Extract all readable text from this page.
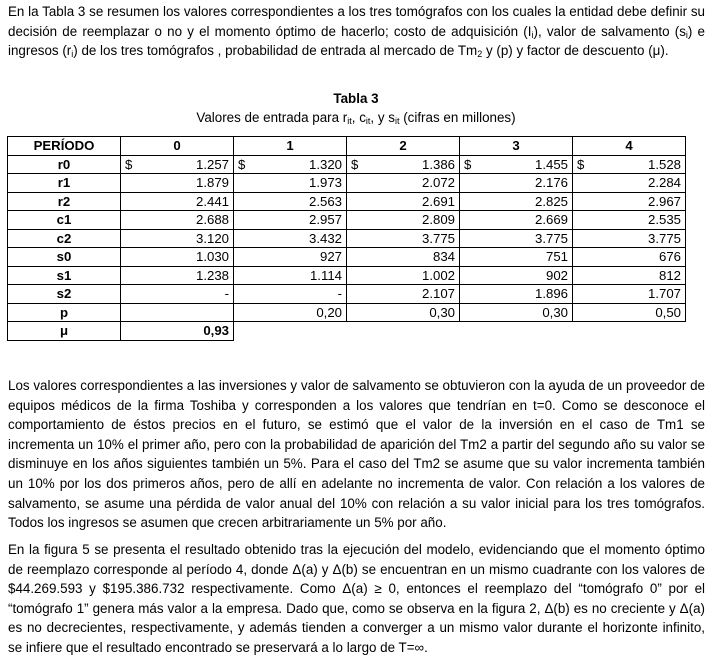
En la Tabla 3 se resumen los valores correspondientes a los tres tomógrafos con los cuales la entidad debe definir su decisión de reemplazar o no y el momento óptimo de hacerlo; costo de adquisición $(I_i)$, valor de salvamento $(s_i)$ e ingresos $(r_i)$ de los tres tomógrafos , probabilidad de entrada al mercado de $Tm_2$ y (p) y factor de descuento (μ).

Tabla 3
Valores de entrada para $r_{it}$, $c_{it}$, y $s_{it}$ (cifras en millones)
PERÍODO	0	1	2	3	4
r0	$ 1.257	$ 1.320	$ 1.386	$ 1.455	$ 1.528

r1	1.879	1.973	2.072	2.176	2.284
r2	2.441	2.563	2.691	2.825	2.967
c1	2.688	2.957	2.809	2.669	2.535
c2	3.120	3.432	3.775	3.775	3.775
s0	1.030	927	834	751	676
s1	1.238	1.114	1.002	902	812
s2	-	-	2.107	1.896	1.707
p		0,20	0,30	0,30	0,50
μ	0,93				

Los valores correspondientes a las inversiones y valor de salvamento se obtuvieron con la ayuda de un proveedor de equipos médicos de la firma Toshiba y corresponden a los valores que tendrían en t=0. Como se desconoce el comportamiento de éstos precios en el futuro, se estimó que el valor de la inversión en el caso de Tm1 se incrementa un 10% el primer año, pero con la probabilidad de aparición del Tm2 a partir del segundo año su valor se disminuye en los años siguientes también un 5%. Para el caso del Tm2 se asume que su valor incrementa también un 10% por los dos primeros años, pero de allí en adelante no incrementa de valor. Con relación a los valores de salvamento, se asume una pérdida de valor anual del 10% con relación a su valor inicial para los tres tomógrafos. Todos los ingresos se asumen que crecen arbitrariamente un 5% por año.

En la figura 5 se presenta el resultado obtenido tras la ejecución del modelo, evidenciando que el momento óptimo de reemplazo corresponde al período 4, donde Δ(a) y Δ(b) se encuentran en un mismo cuadrante con los valores de $44.269.593 y $195.386.732 respectivamente. Como Δ(a) ≥ 0, entonces el reemplazo del “tomógrafo 0” por el “tomógrafo 1” genera más valor a la empresa. Dado que, como se observa en la figura 2, Δ(b) es no creciente y Δ(a) es no decrecientes, respectivamente, y además tienden a converger a un mismo valor durante el horizonte infinito, se infiere que el resultado encontrado se preservará a lo largo de T=∞.
